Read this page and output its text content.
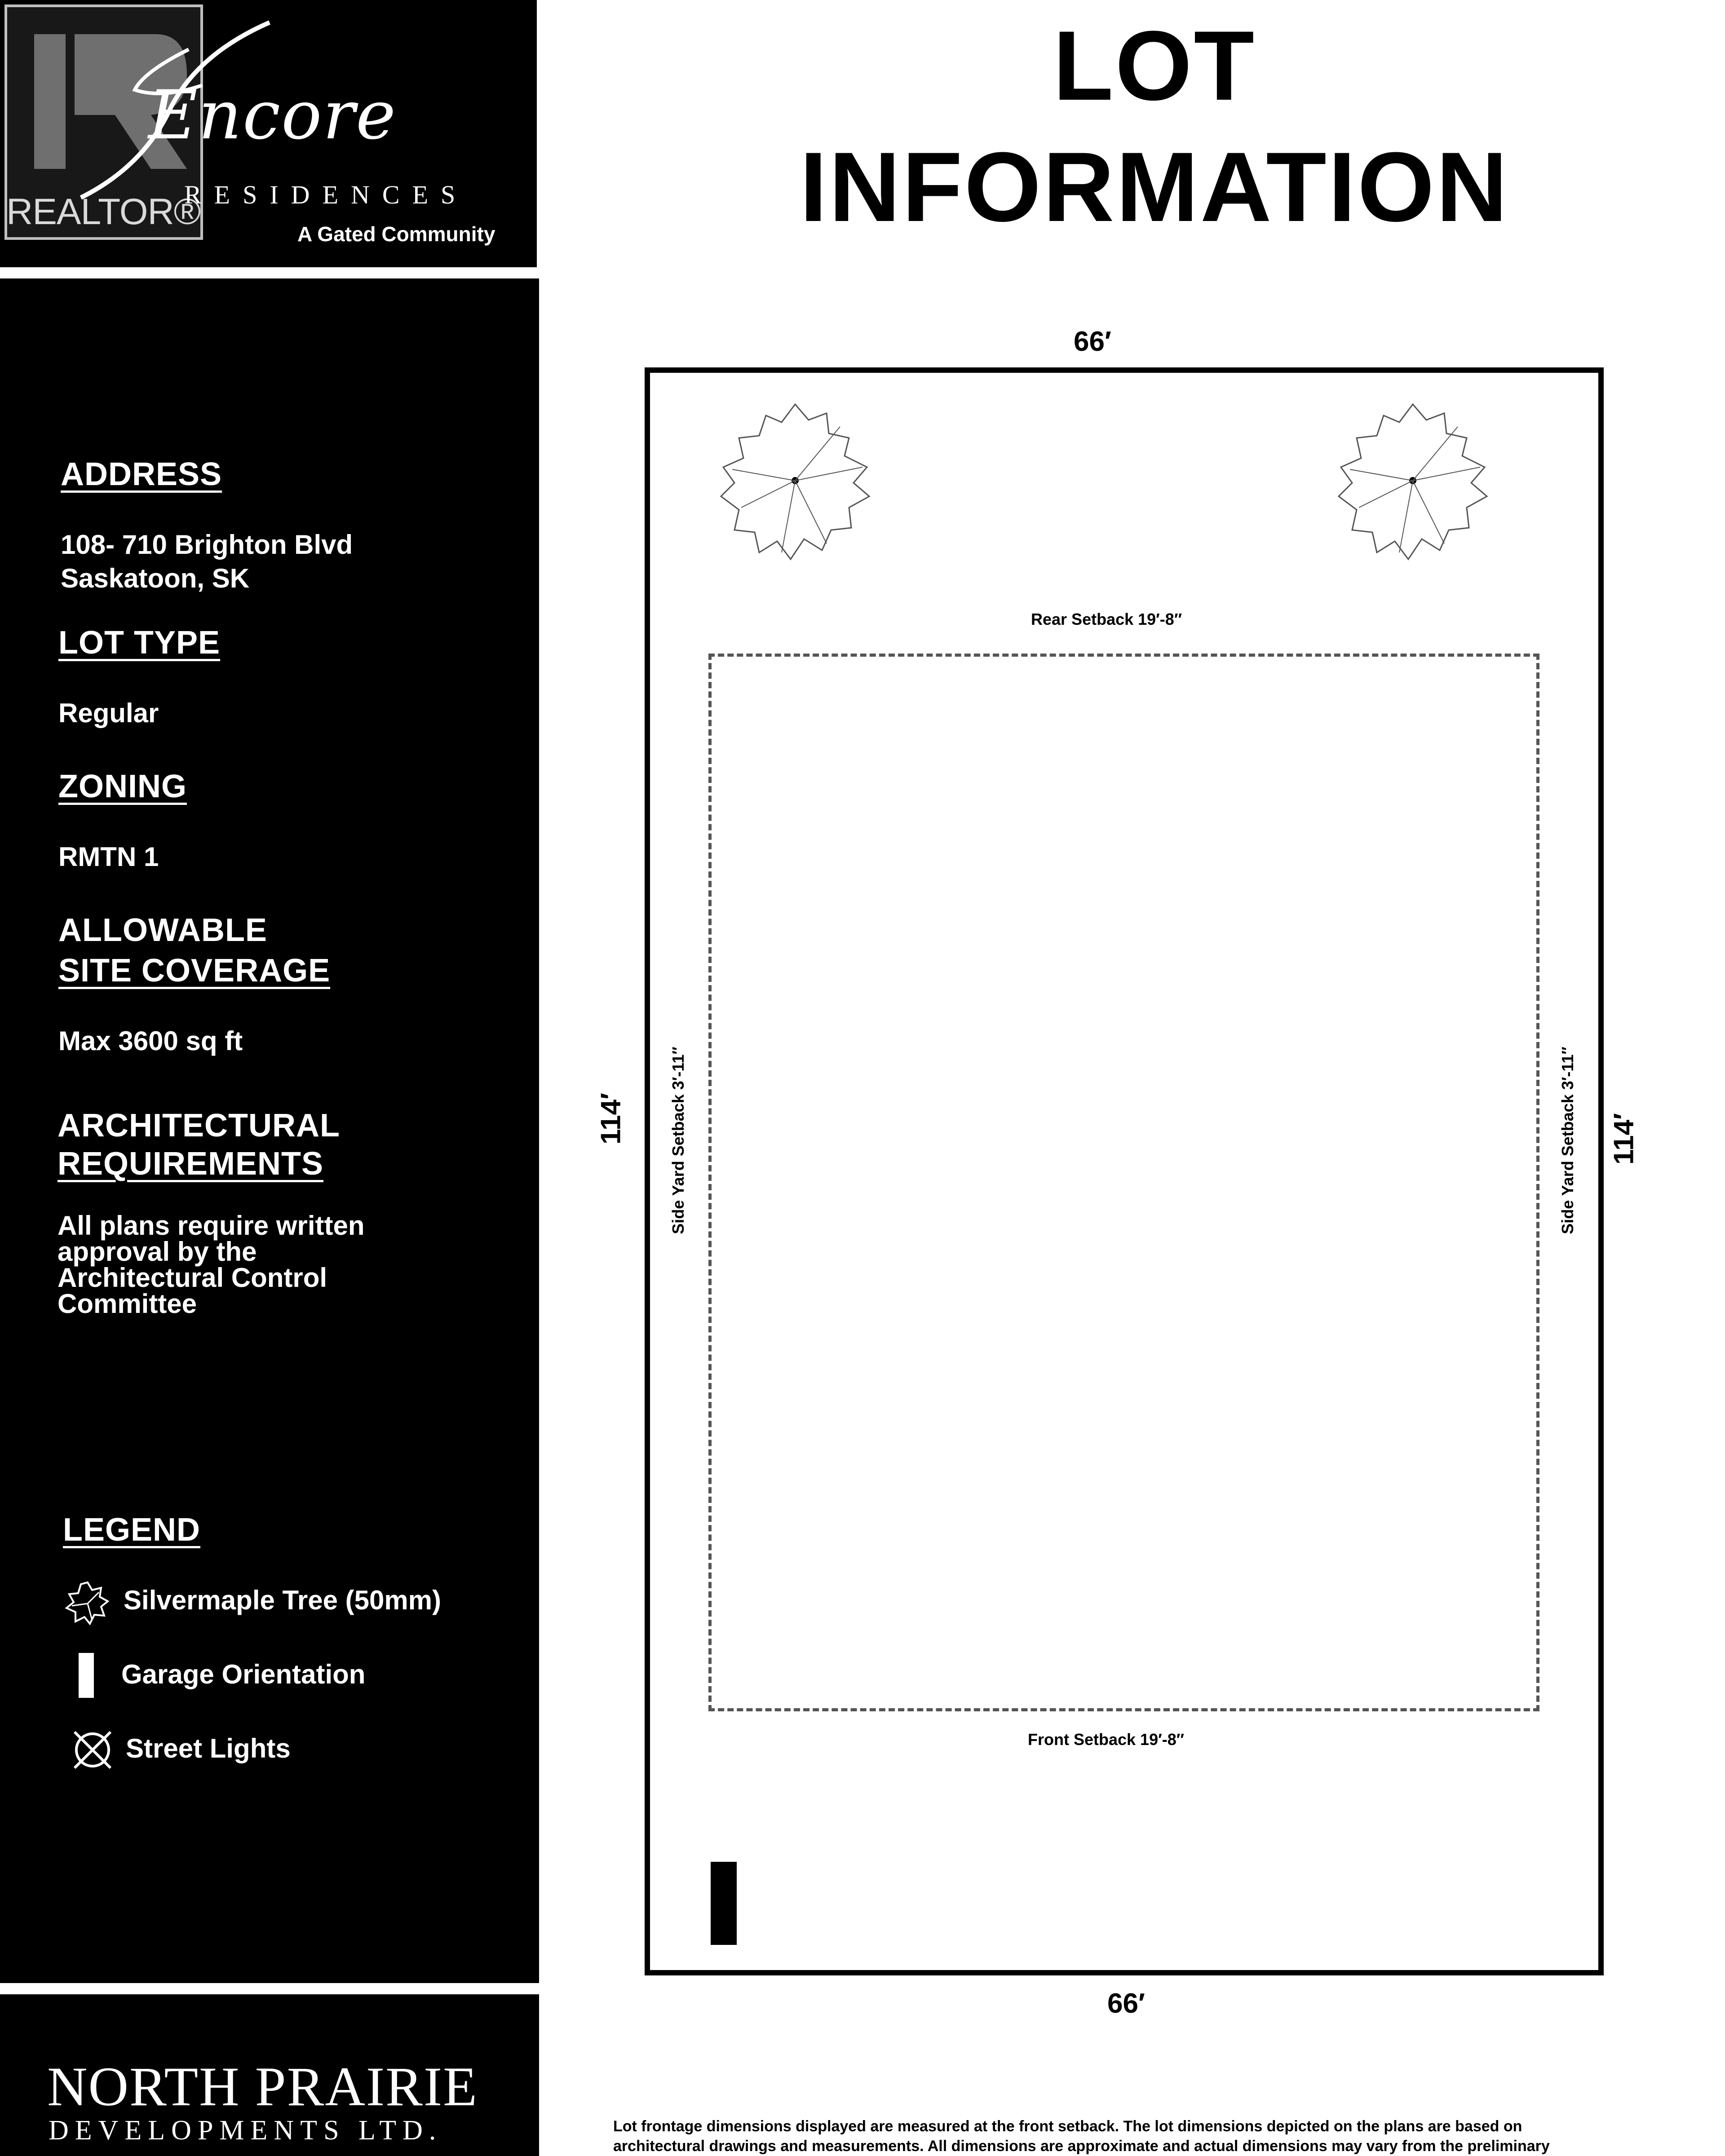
REALTOR®
Encore
RESIDENCES
A Gated Community
ADDRESS
108- 710 Brighton Blvd
Saskatoon, SK
LOT TYPE
Regular
ZONING
RMTN 1
ALLOWABLE
SITE COVERAGE
Max 3600 sq ft
ARCHITECTURAL
REQUIREMENTS
All plans require written
approval by the
Architectural Control
Committee
LEGEND
Silvermaple Tree (50mm)
Garage Orientation
Street Lights
NORTH PRAIRIE
DEVELOPMENTS LTD.
LOT
INFORMATION
66′
Rear Setback 19′-8″
Front Setback 19′-8″
114′	114′
Side Yard Setback 3′-11″	Side Yard Setback 3′-11″
66′
Lot frontage dimensions displayed are measured at the front setback. The lot dimensions depicted on the plans are based on
architectural drawings and measurements. All dimensions are approximate and actual dimensions may vary from the preliminary
